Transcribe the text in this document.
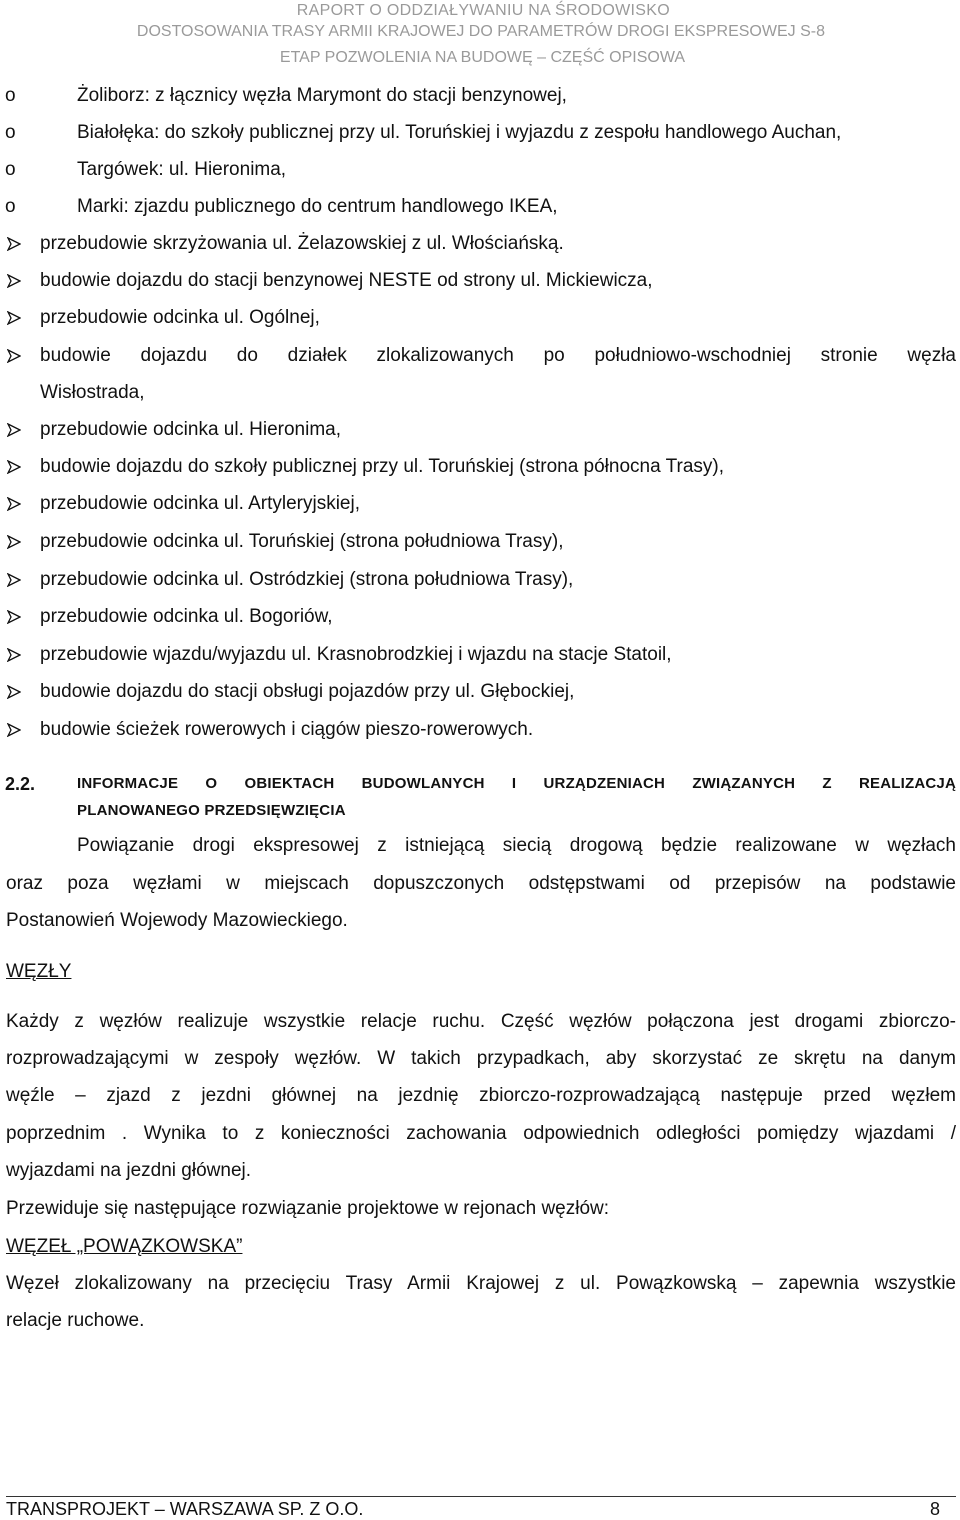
RAPORT O ODDZIAŁYWANIU NA ŚRODOWISKO
DOSTOSOWANIA TRASY ARMII KRAJOWEJ DO PARAMETRÓW DROGI EKSPRESOWEJ S-8
ETAP POZWOLENIA NA BUDOWĘ – CZĘŚĆ OPISOWA
o	Żoliborz: z łącznicy węzła Marymont do stacji benzynowej,
o	Białołęka: do szkoły publicznej przy ul. Toruńskiej i wyjazdu z zespołu handlowego Auchan,
o	Targówek: ul. Hieronima,
o	Marki: zjazdu publicznego do centrum handlowego IKEA,
przebudowie skrzyżowania ul. Żelazowskiej z ul. Włościańską.
budowie dojazdu do stacji benzynowej NESTE od strony ul. Mickiewicza,
przebudowie odcinka ul. Ogólnej,
budowie dojazdu do działek zlokalizowanych po południowo-wschodniej stronie węzła
Wisłostrada,
przebudowie odcinka ul. Hieronima,
budowie dojazdu do szkoły publicznej przy ul. Toruńskiej (strona północna Trasy),
przebudowie odcinka ul. Artyleryjskiej,
przebudowie odcinka ul. Toruńskiej (strona południowa Trasy),
przebudowie odcinka ul. Ostródzkiej (strona południowa Trasy),
przebudowie odcinka ul. Bogoriów,
przebudowie wjazdu/wyjazdu ul. Krasnobrodzkiej i wjazdu na stacje Statoil,
budowie dojazdu do stacji obsługi pojazdów przy ul. Głębockiej,
budowie ścieżek rowerowych i ciągów pieszo-rowerowych.
2.2.	INFORMACJE O OBIEKTACH BUDOWLANYCH I URZĄDZENIACH ZWIĄZANYCH Z REALIZACJĄ
PLANOWANEGO PRZEDSIĘWZIĘCIA
Powiązanie drogi ekspresowej z istniejącą siecią drogową będzie realizowane w węzłach
oraz poza węzłami w miejscach dopuszczonych odstępstwami od przepisów na podstawie
Postanowień Wojewody Mazowieckiego.
WĘZŁY
Każdy z węzłów realizuje wszystkie relacje ruchu. Część węzłów połączona jest drogami zbiorczo-
rozprowadzającymi w zespoły węzłów. W takich przypadkach, aby skorzystać ze skrętu na danym
węźle – zjazd z jezdni głównej na jezdnię zbiorczo-rozprowadzającą następuje przed węzłem
poprzednim . Wynika to z konieczności zachowania odpowiednich odległości pomiędzy wjazdami /
wyjazdami na jezdni głównej.
Przewiduje się następujące rozwiązanie projektowe w rejonach węzłów:
WĘZEŁ „POWĄZKOWSKA”
Węzeł zlokalizowany na przecięciu Trasy Armii Krajowej z ul. Powązkowską – zapewnia wszystkie
relacje ruchowe.
TRANSPROJEKT – WARSZAWA SP. Z O.O.	8
